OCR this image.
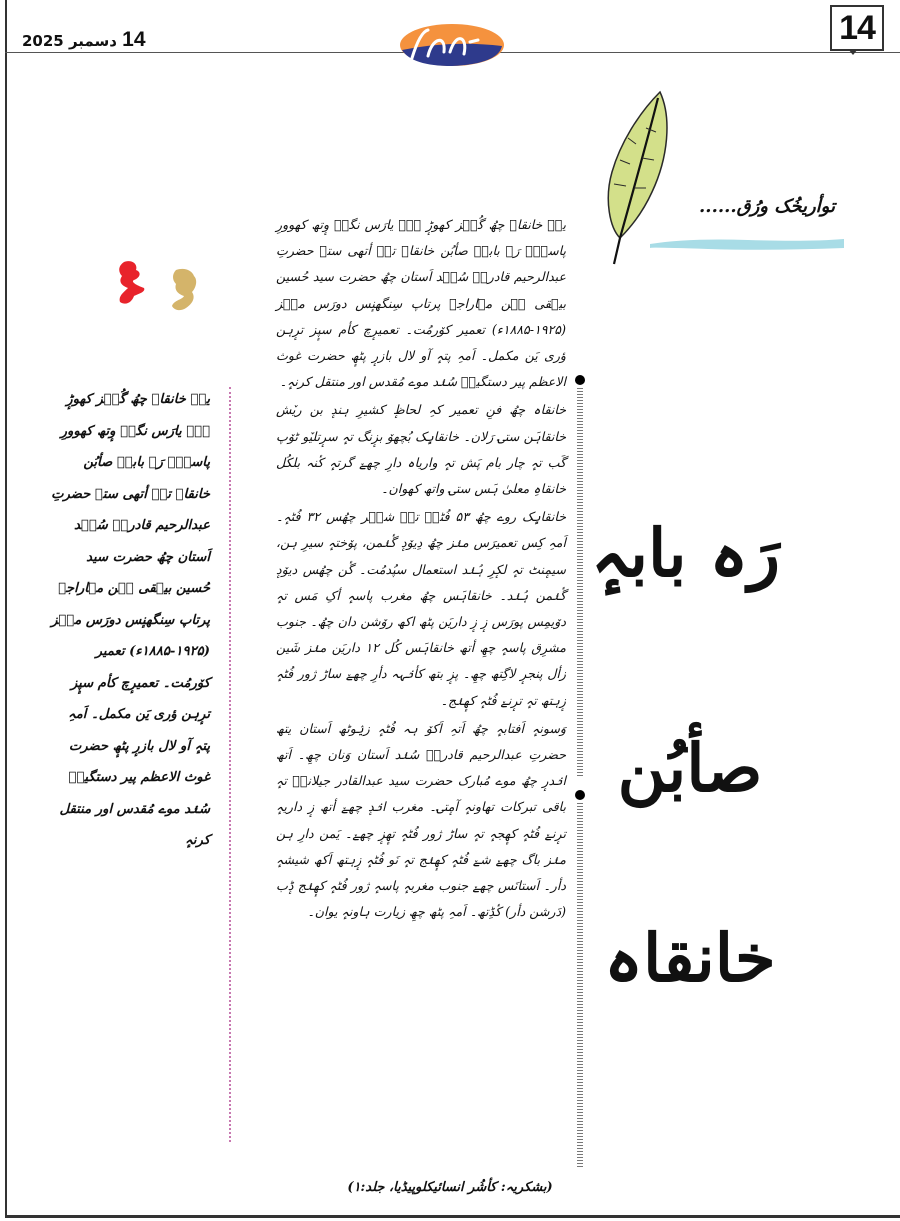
14 دسمبر 2025	14
توأریخُک ورُق......
یہٕ خانقاہ چھُ گُنٛز کھوڑٕ ہہہ یارَس نگہِ وٕتھ کھوورِ پاسہٕ۔ رَہ بابہٕ صأبُن خانقاہ تہٕ أتھی ستۍ حضرتِ عبدالرحیم قادریؒ سُنٛد اَستان چھُ حضرت سید حُسین بیہقی ہَن مہاراجہ پرتاپ سِنگھنٕس دورَس منٛز (۱۹۲۵-۱۸۸۵ء) تعمیر کوٚرمُت۔ تعمیرٕچ کأم سپٕز ترٕہن ؤری یَن مکمل۔ اَمہِ پتہٕ آو لال بازرٕ پٹھٕ حضرت غوث الاعظم پیر دستگیرؒ سُنٛد موے مُقدس اور منتقل کرنہٕ

یہٕ خانقاہ چھُ گُنٛز کھوڑٕ ہہہ یارَس نگہِ وٕتھ کھوورِ پاسہٕ۔ رَہ بابہٕ صأبُن خانقاہ تہٕ أتھی ستۍ حضرتِ عبدالرحیم قادریؒ سُنٛد اَستان چھُ حضرت سید حُسین بیہقی ہَن مہاراجہ پرتاپ سِنگھنٕس دورَس منٛز (۱۹۲۵-۱۸۸۵ء) تعمیر کوٚرمُت۔ تعمیرٕچ کأم سپٕز ترٕہن ؤری یَن مکمل۔ اَمہِ پتہٕ آو لال بازرٕ پٹھٕ حضرت غوث الاعظم پیر دستگیرؒ سُنٛد موے مُقدس اور منتقل کرنہٕ۔

خانقاہ چھُ فنِ تعمیر کہِ لحاظٕ کشیرِ ہندٕ بن ریٚش خانقاہَن ستۍ رَلان۔ خانقاہٕک بُچھوٚ بزٕنگ تہٕ سرٕتلیٚو ٹوٚپ گَب تہٕ چار بام پَش تہٕ واریاہ دارِ چھےٚ گرتہٕ کٔنہ بلکُل خانقاہِ معلیٰ ہَس ستۍ واتھ کھوان۔

خانقاہٕک روے چھُ ۵۳ فُٹہٕ تہٕ شیٖر چھُس ۳۲ فُٹہٕ۔ اَمہِ کِس تعمیرَس منٛز چھُ دِیوٚدٕ گٔنٛمن، پوٚختہٕ سیرِ ہن، سیمٕنٹ تہٕ لکٕرِ ہُنٛد استعمال سپُدمُت۔ گٔن چھُس دیوٚدٕ گٔنٛمن ہُنٛد۔ خانقاہَس چھُ مغرب پاسہٕ أکِ مَس تہٕ دوٚیمِس پورَس زٕ زٕ داریَن پٹھ اکھ روٚشن دان چھُ۔ جنوب مشرِق پاسہٕ چھِ أتھ خانقاہَس کُل ۱۲ داریَن منٛز شَین زأل پنجرٕ لاگِتھ چھِ۔ پزٕ بتھ کأنٛہہ دأرِ چھےٚ ساڑ ژور فُٹہٕ زٕہتھ تہٕ ترٕنےٚ فُٹہٕ کھٕنٛج۔

وَسونہٕ اَفتابہٕ چھُ اَتہِ اَکوٚ ہہ فُٹہٕ زیٛوٹھ اَستان یتھ حضرتِ عبدالرحیم قادریؒ سُنٛد اَستان وَنان چھِ۔ اَتھ انٛدرٕ چھُ موے مُبارک حضرت سید عبدالقادر جیلانیؒ تہٕ باقی تبرکات تھاونہٕ آمٕتۍ۔ مغرب انٛدٕ چھےٚ أتھ زٕ داریہٕ ترٕنےٚ فُٹہٕ کھٕجہٕ تہٕ ساڑ ژور فُٹہٕ تھٕزٕ چھےٚ۔ یَمن دارِ ہن منٛز باگ چھےٚ شےٚ فُٹہٕ کھٕنٛج تہٕ نَو فُٹہٕ زٕہتھ اَکھ شیشہٕ دأر۔ اَستانَس چھےٚ جنوب مغربہٕ پاسہٕ ژور فُٹہٕ کھٕنٛج ڈٕب (دَرشن دأر) کٔڈِتھ۔ اَمہِ پٹھ چھِ زیارت ہاونہٕ یوان۔

رَہ بابہٕ
صأبُن
خانقاہ
(بشکریہ: کأشُر انسائیکلوپیڈیا، جلد:۱)
